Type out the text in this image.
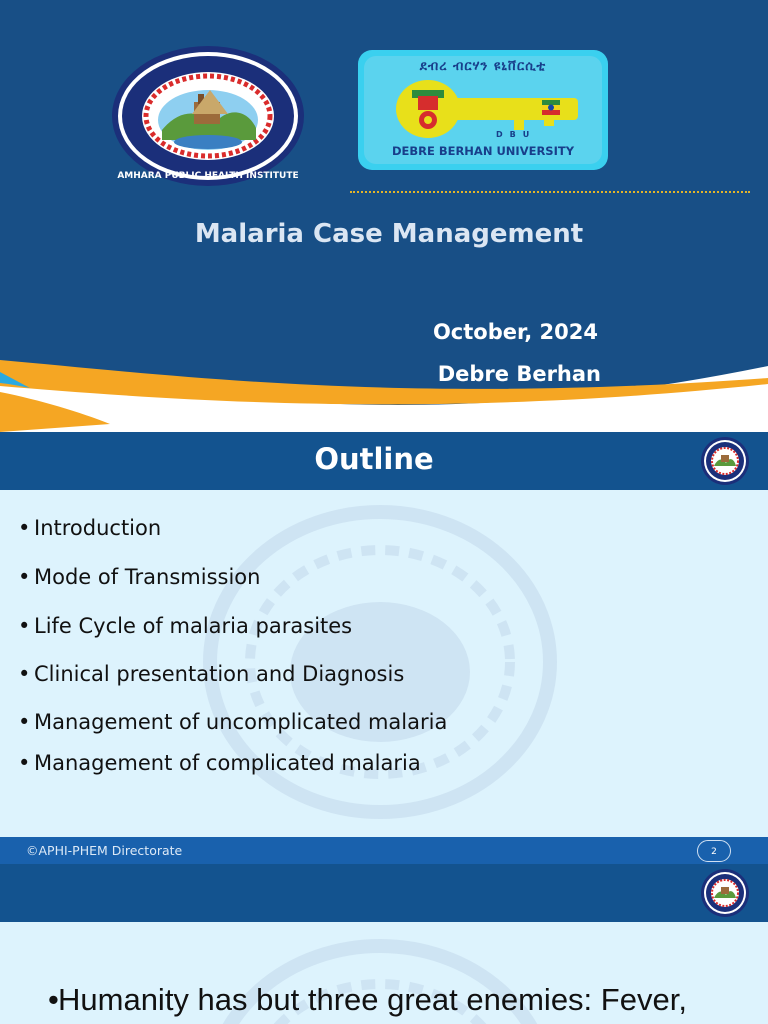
AMHARA PUBLIC HEALTH INSTITUTE
ደብረ ብርሃን ዩኒቨርሲቲ
DBU
DEBRE BERHAN UNIVERSITY
Malaria Case Management
October, 2024
Debre Berhan
Outline
• Introduction
• Mode of Transmission
• Life Cycle of malaria parasites
• Clinical presentation and Diagnosis
• Management of uncomplicated malaria
• Management of complicated malaria
©APHI-PHEM Directorate	2
• Humanity has but three great enemies: Fever,
